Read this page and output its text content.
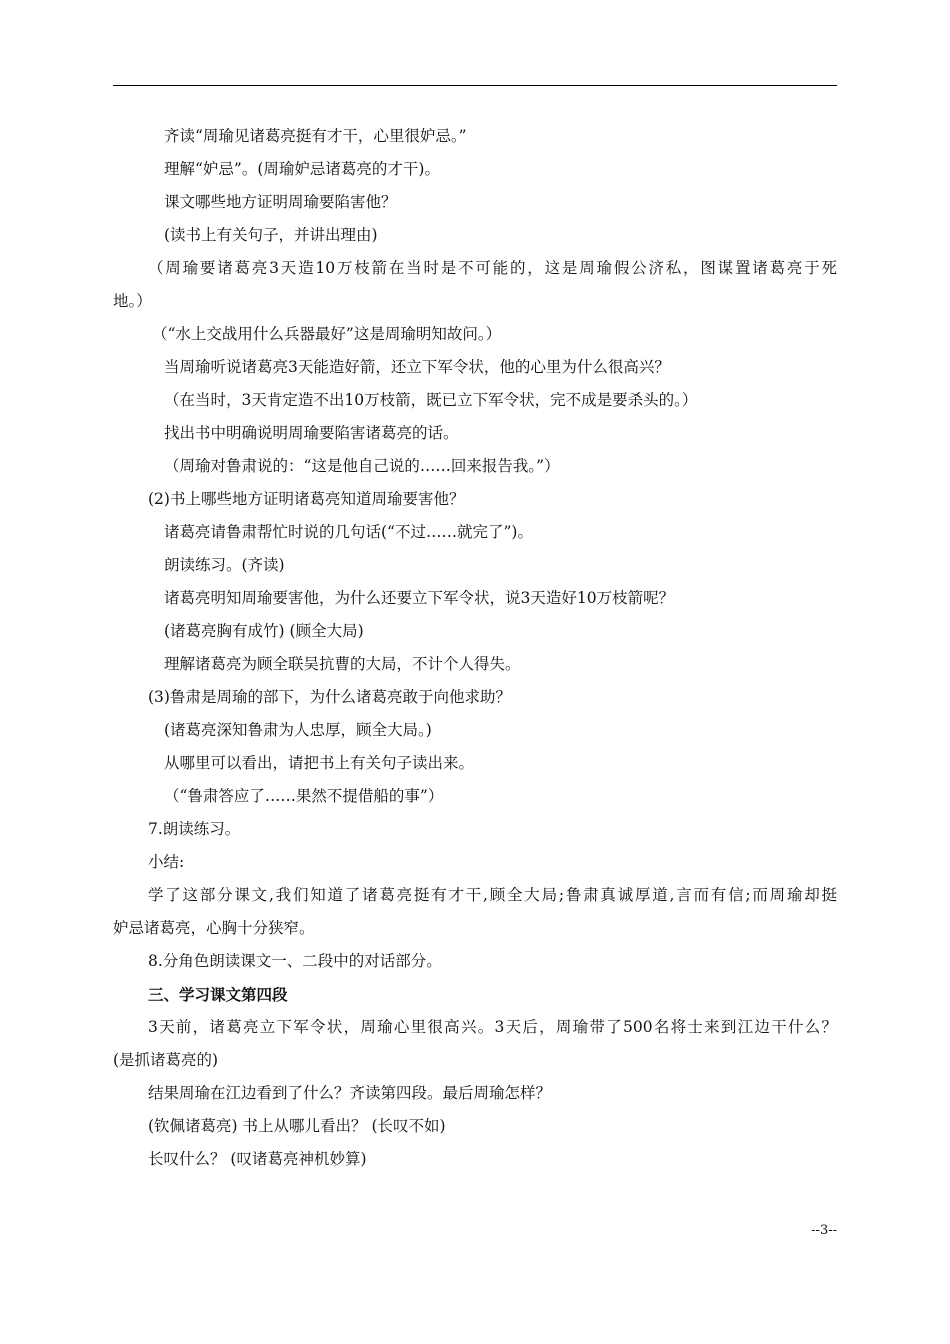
齐读“周瑜见诸葛亮挺有才干，心里很妒忌。”
理解“妒忌”。(周瑜妒忌诸葛亮的才干)。
课文哪些地方证明周瑜要陷害他？
(读书上有关句子，并讲出理由)
（周瑜要诸葛亮3天造10万枝箭在当时是不可能的，这是周瑜假公济私，图谋置诸葛亮于死
地。）
（“水上交战用什么兵器最好”这是周瑜明知故问。）
当周瑜听说诸葛亮3天能造好箭，还立下军令状，他的心里为什么很高兴？
（在当时，3天肯定造不出10万枝箭，既已立下军令状，完不成是要杀头的。）
找出书中明确说明周瑜要陷害诸葛亮的话。
（周瑜对鲁肃说的：“这是他自己说的……回来报告我。”）
(2)书上哪些地方证明诸葛亮知道周瑜要害他？
诸葛亮请鲁肃帮忙时说的几句话(“不过……就完了”)。
朗读练习。(齐读)
诸葛亮明知周瑜要害他，为什么还要立下军令状，说3天造好10万枝箭呢？
(诸葛亮胸有成竹) (顾全大局)
理解诸葛亮为顾全联吴抗曹的大局，不计个人得失。
(3)鲁肃是周瑜的部下，为什么诸葛亮敢于向他求助？
(诸葛亮深知鲁肃为人忠厚，顾全大局。)
从哪里可以看出，请把书上有关句子读出来。
（“鲁肃答应了……果然不提借船的事”）
7.朗读练习。
小结:
学了这部分课文,我们知道了诸葛亮挺有才干,顾全大局;鲁肃真诚厚道,言而有信;而周瑜却挺
妒忌诸葛亮，心胸十分狭窄。
8.分角色朗读课文一、二段中的对话部分。
三、学习课文第四段
3天前，诸葛亮立下军令状，周瑜心里很高兴。3天后，周瑜带了500名将士来到江边干什么？
(是抓诸葛亮的)
结果周瑜在江边看到了什么？齐读第四段。最后周瑜怎样？
(钦佩诸葛亮) 书上从哪儿看出？ (长叹不如)
长叹什么？ (叹诸葛亮神机妙算)
--3--
